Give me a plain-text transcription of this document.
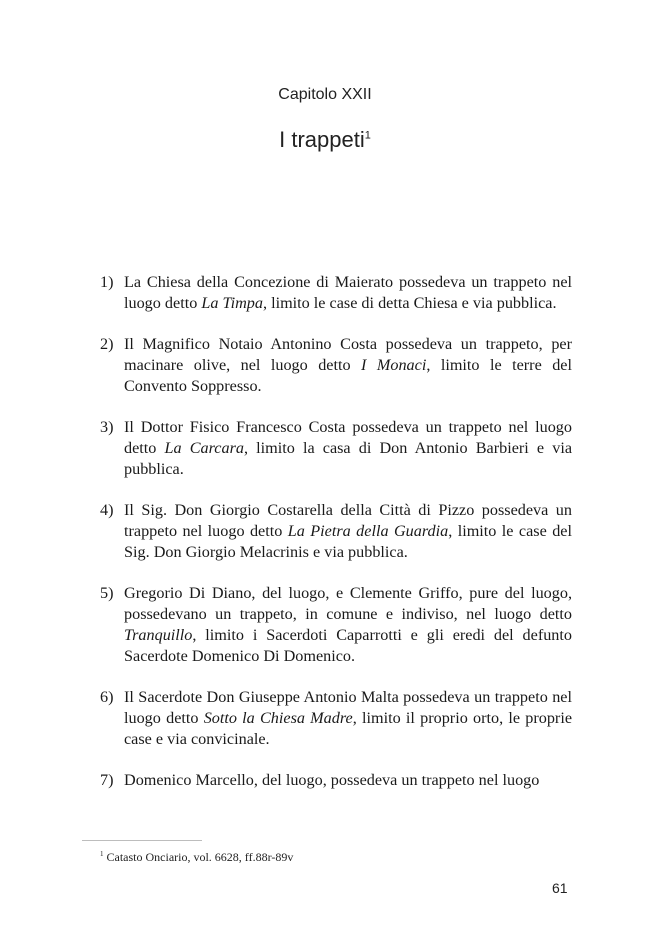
Capitolo XXII
I trappeti$^1$
1) La Chiesa della Concezione di Maierato possedeva un trappeto nel luogo detto La Timpa, limito le case di detta Chiesa e via pubblica.
2) Il Magnifico Notaio Antonino Costa possedeva un trappeto, per macinare olive, nel luogo detto I Monaci, limito le terre del Convento Soppresso.
3) Il Dottor Fisico Francesco Costa possedeva un trappeto nel luogo detto La Carcara, limito la casa di Don Antonio Barbieri e via pubblica.
4) Il Sig. Don Giorgio Costarella della Città di Pizzo possedeva un trappeto nel luogo detto La Pietra della Guardia, limito le case del Sig. Don Giorgio Melacrinis e via pubblica.
5) Gregorio Di Diano, del luogo, e Clemente Griffo, pure del luogo, possedevano un trappeto, in comune e indiviso, nel luogo detto Tranquillo, limito i Sacerdoti Caparrotti e gli eredi del defunto Sacerdote Domenico Di Domenico.
6) Il Sacerdote Don Giuseppe Antonio Malta possedeva un trappeto nel luogo detto Sotto la Chiesa Madre, limito il proprio orto, le proprie case e via convicinale.
7) Domenico Marcello, del luogo, possedeva un trappeto nel luogo
$^1$ Catasto Onciario, vol. 6628, ff.88r-89v
61
